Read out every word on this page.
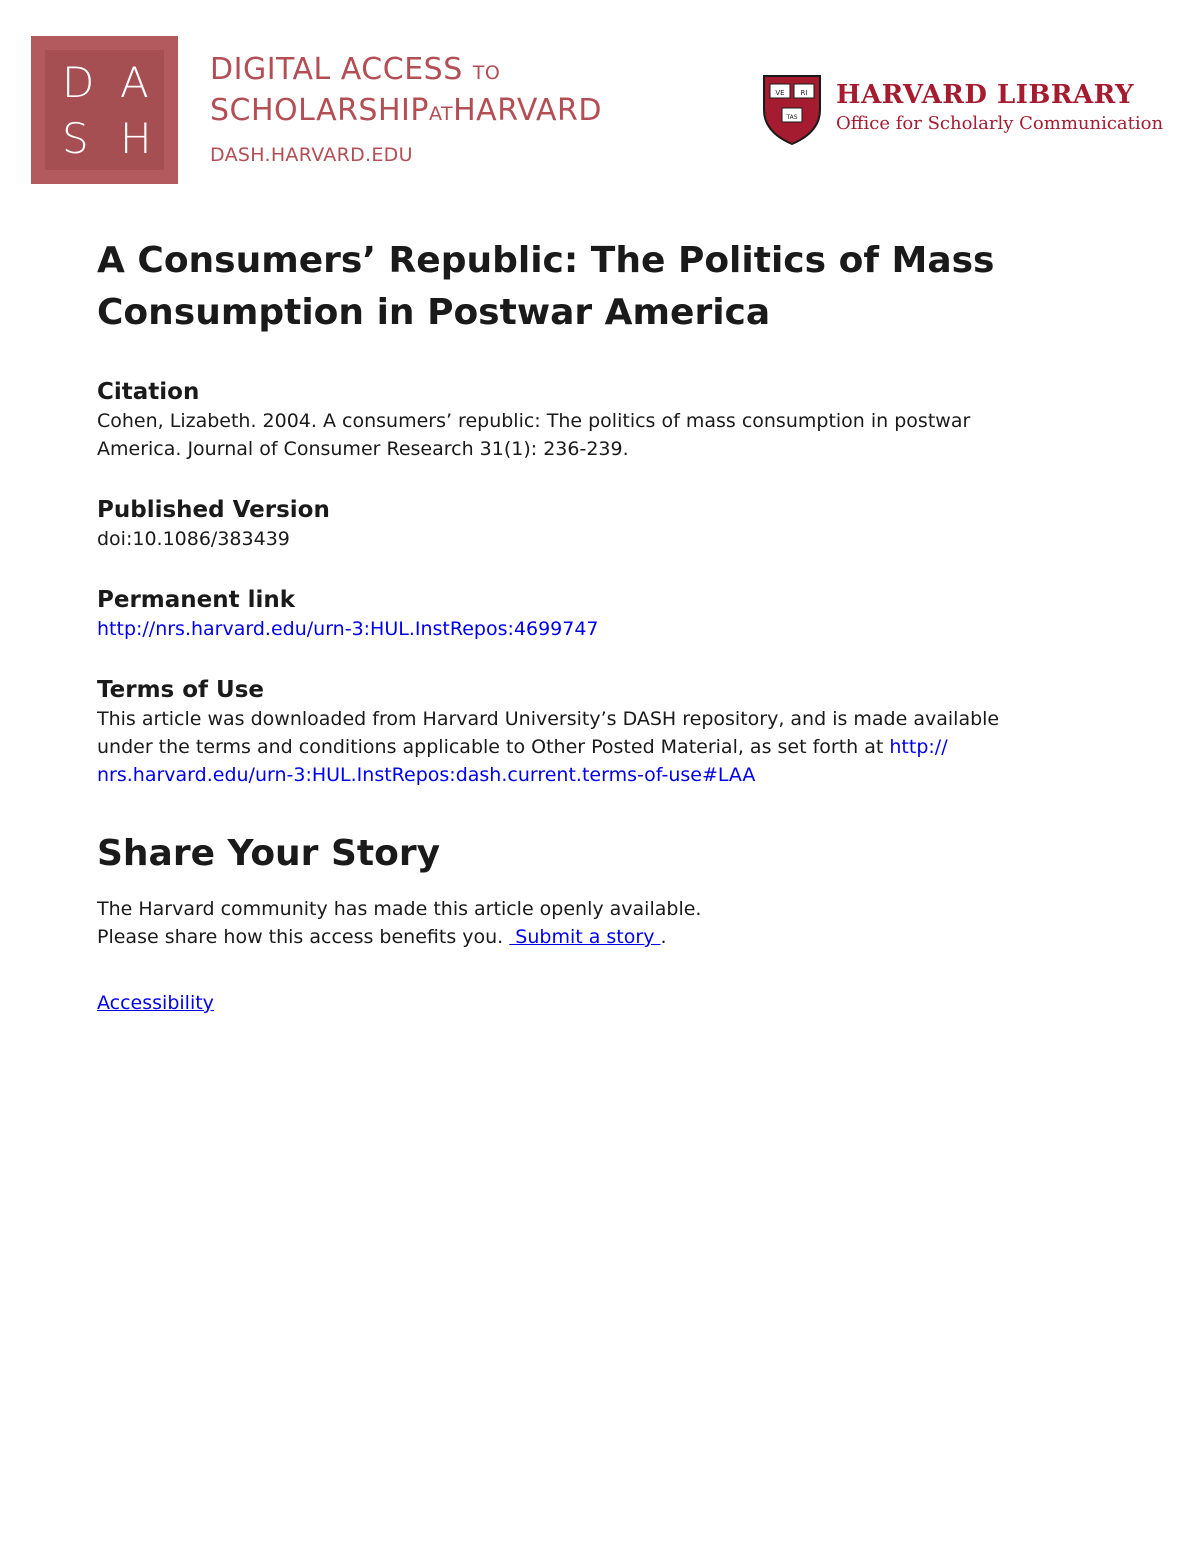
D A
S H
DIGITAL ACCESS TO
SCHOLARSHIPATHARVARD
DASH.HARVARD.EDU
VE RI
TAS
HARVARD LIBRARY
Office for Scholarly Communication
A Consumers’ Republic: The Politics of Mass
Consumption in Postwar America
Citation

Cohen, Lizabeth. 2004. A consumers’ republic: The politics of mass consumption in postwar
America. Journal of Consumer Research 31(1): 236-239.

Published Version

doi:10.1086/383439

Permanent link

http://nrs.harvard.edu/urn-3:HUL.InstRepos:4699747

Terms of Use

This article was downloaded from Harvard University’s DASH repository, and is made available
under the terms and conditions applicable to Other Posted Material, as set forth at http://
nrs.harvard.edu/urn-3:HUL.InstRepos:dash.current.terms-of-use#LAA

Share Your Story

The Harvard community has made this article openly available.
Please share how this access benefits you.  Submit a story .

Accessibility
